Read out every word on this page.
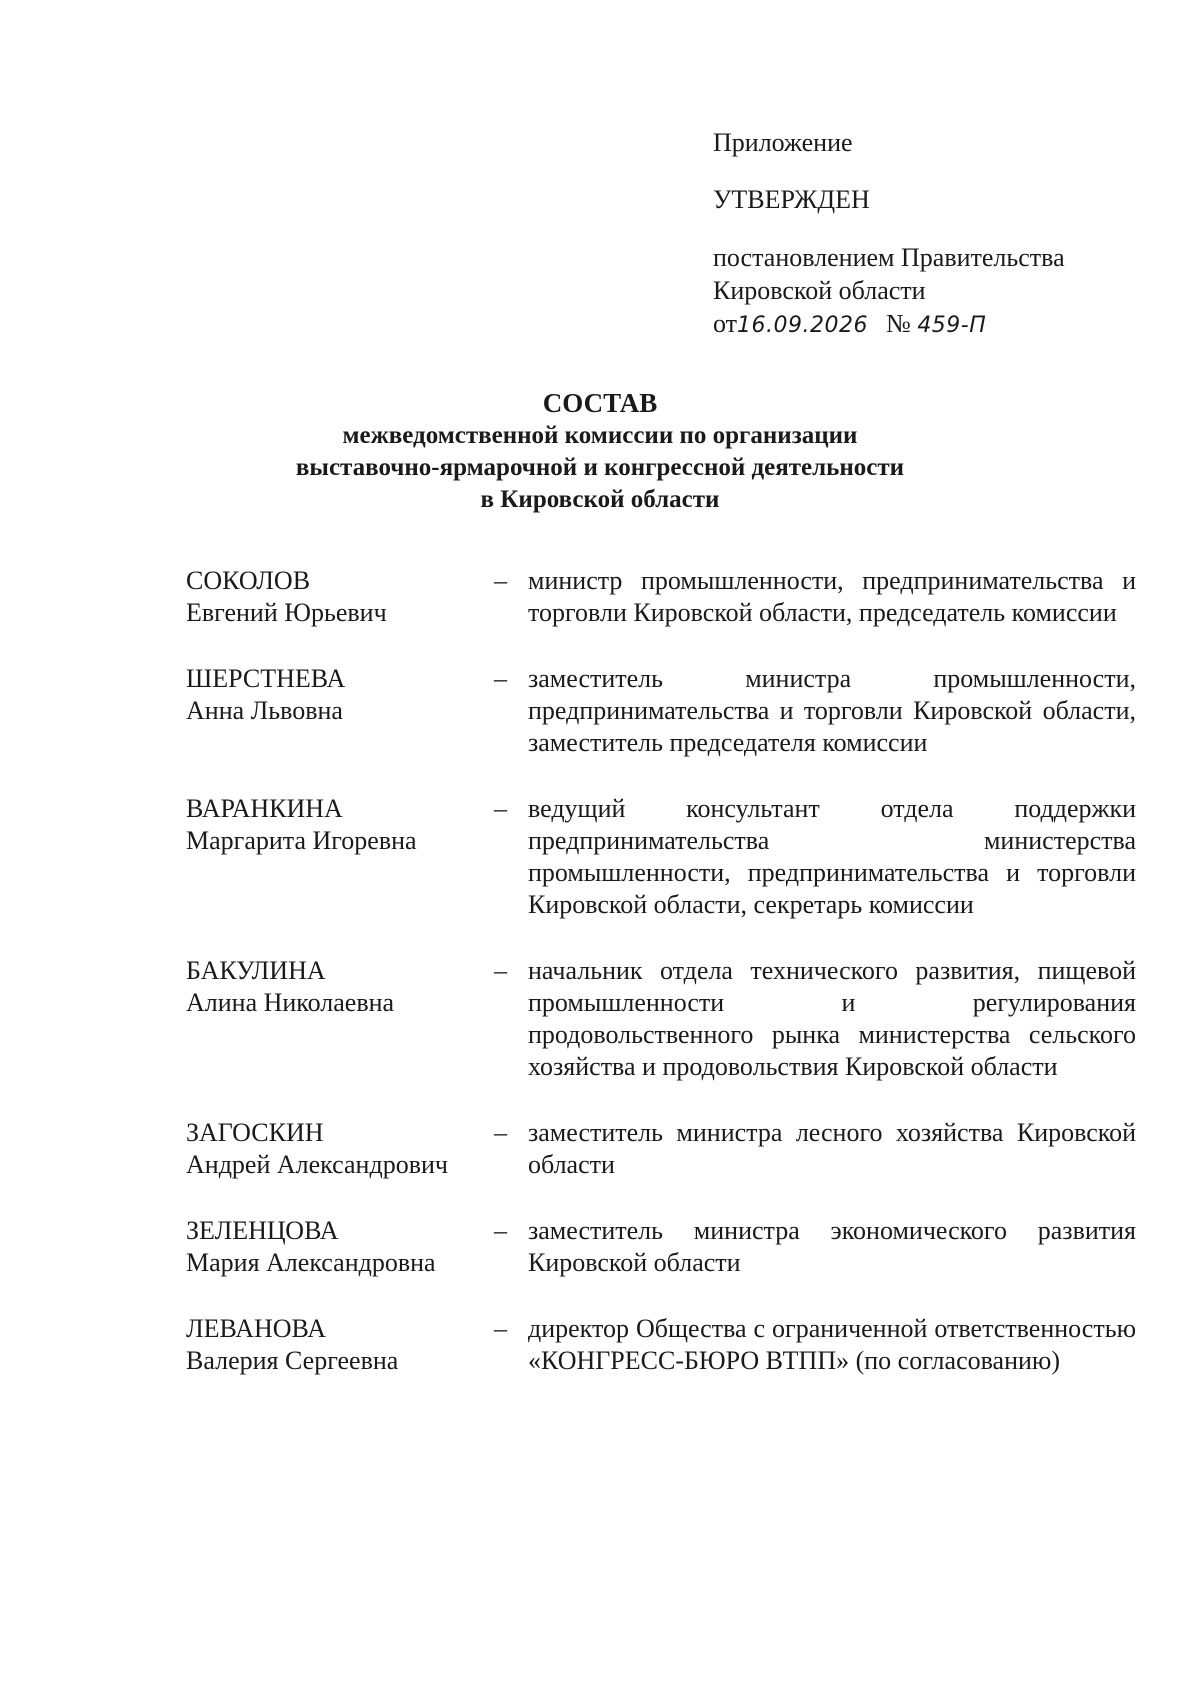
Приложение
УТВЕРЖДЕН
постановлением Правительства
Кировской области
от16.09.2026 № 459-П
СОСТАВ
межведомственной комиссии по организации
выставочно-ярмарочной и конгрессной деятельности
в Кировской области
СОКОЛОВ
Евгений Юрьевич
– министр промышленности, предпринимательства и торговли Кировской области, председатель комиссии
ШЕРСТНЕВА
Анна Львовна
– заместитель министра промышленности, предпринимательства и торговли Кировской области, заместитель председателя комиссии
ВАРАНКИНА
Маргарита Игоревна
– ведущий консультант отдела поддержки предпринимательства министерства промышленности, предпринимательства и торговли Кировской области, секретарь комиссии
БАКУЛИНА
Алина Николаевна
– начальник отдела технического развития, пищевой промышленности и регулирования продовольственного рынка министерства сельского хозяйства и продовольствия Кировской области
ЗАГОСКИН
Андрей Александрович
– заместитель министра лесного хозяйства Кировской области
ЗЕЛЕНЦОВА
Мария Александровна
– заместитель министра экономического развития Кировской области
ЛЕВАНОВА
Валерия Сергеевна
– директор Общества с ограниченной ответственностью «КОНГРЕСС-БЮРО ВТПП» (по согласованию)
